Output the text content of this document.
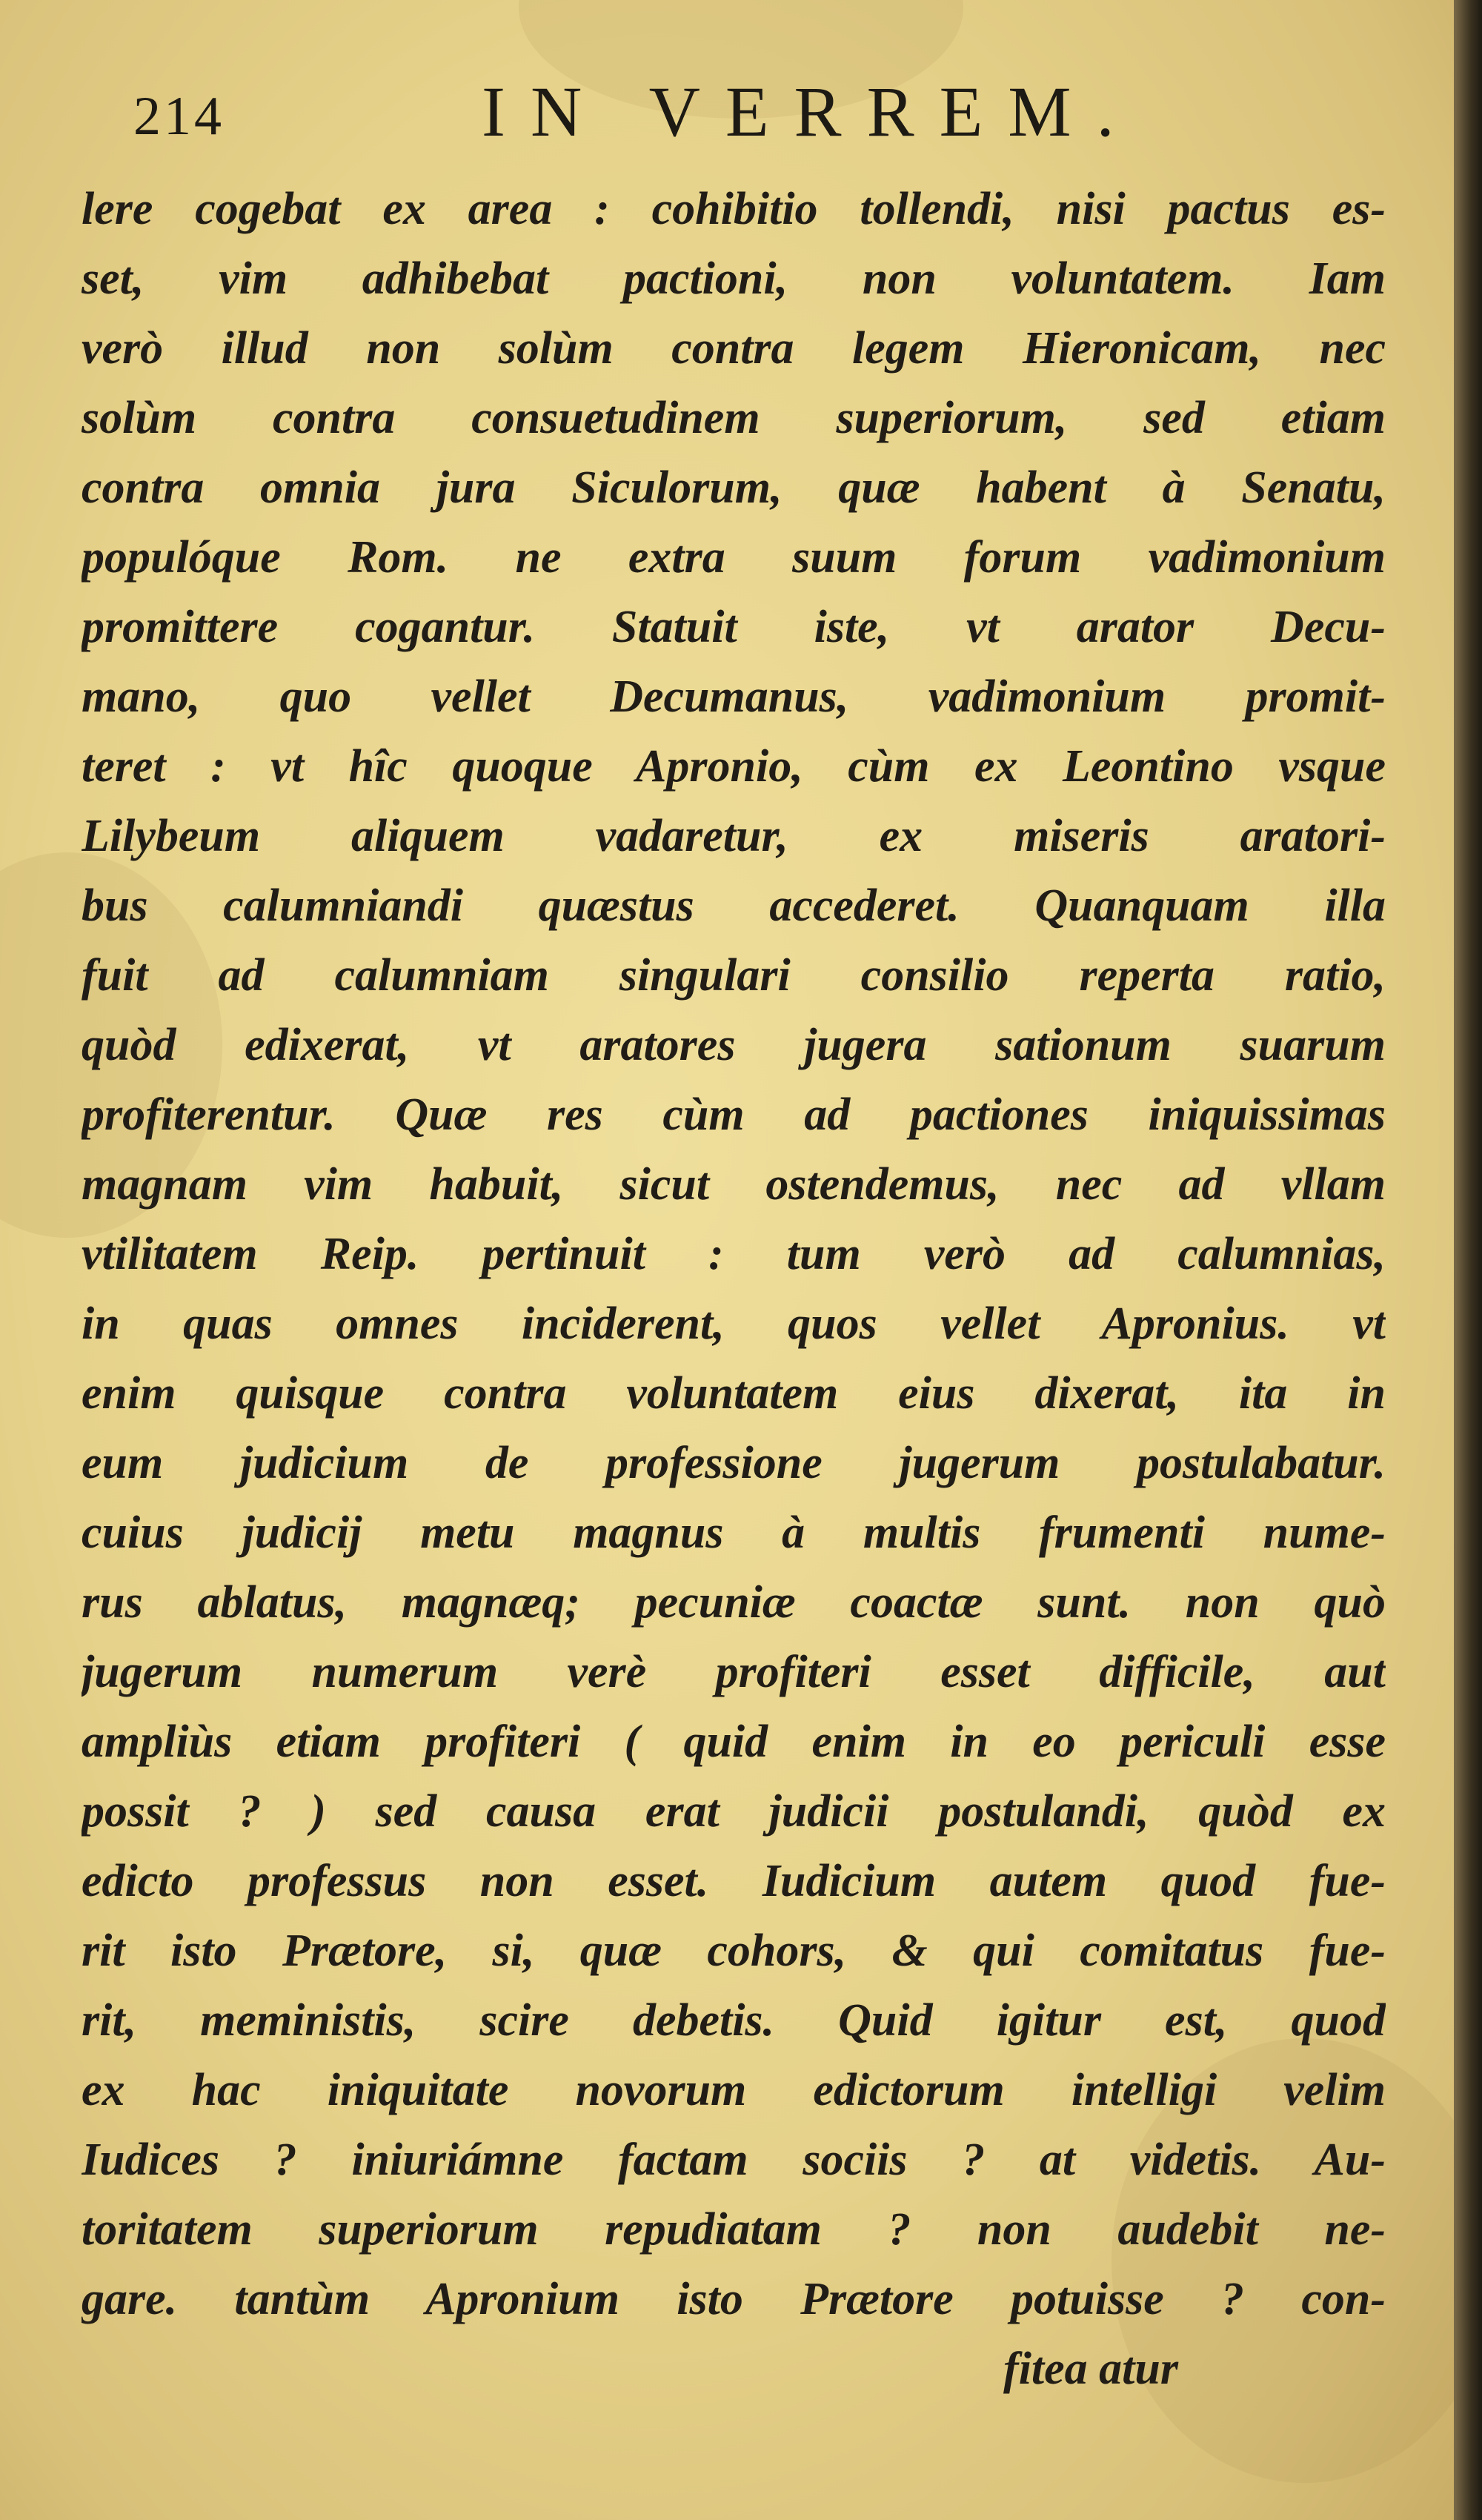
214	IN VERREM.
lere cogebat ex area : cohibitio tollendi, nisi pactus es-
set, vim adhibebat pactioni, non voluntatem. Iam
verò illud non solùm contra legem Hieronicam, nec
solùm contra consuetudinem superiorum, sed etiam
contra omnia jura Siculorum, quæ habent à Senatu,
populóque Rom. ne extra suum forum vadimonium
promittere cogantur. Statuit iste, vt arator Decu-
mano, quo vellet Decumanus, vadimonium promit-
teret : vt hîc quoque Apronio, cùm ex Leontino vsque
Lilybeum aliquem vadaretur, ex miseris aratori-
bus calumniandi quæstus accederet. Quanquam illa
fuit ad calumniam singulari consilio reperta ratio,
quòd edixerat, vt aratores jugera sationum suarum
profiterentur. Quæ res cùm ad pactiones iniquissimas
magnam vim habuit, sicut ostendemus, nec ad vllam
vtilitatem Reip. pertinuit : tum verò ad calumnias,
in quas omnes inciderent, quos vellet Apronius. vt
enim quisque contra voluntatem eius dixerat, ita in
eum judicium de professione jugerum postulabatur.
cuius judicij metu magnus à multis frumenti nume-
rus ablatus, magnæq; pecuniæ coactæ sunt. non quò
jugerum numerum verè profiteri esset difficile, aut
ampliùs etiam profiteri ( quid enim in eo periculi esse
possit ? ) sed causa erat judicii postulandi, quòd ex
edicto professus non esset. Iudicium autem quod fue-
rit isto Prætore, si, quæ cohors, & qui comitatus fue-
rit, meministis, scire debetis. Quid igitur est, quod
ex hac iniquitate novorum edictorum intelligi velim
Iudices ? iniuriámne factam sociis ? at videtis. Au-
toritatem superiorum repudiatam ? non audebit ne-
gare. tantùm Apronium isto Prætore potuisse ? con-
fitea atur
